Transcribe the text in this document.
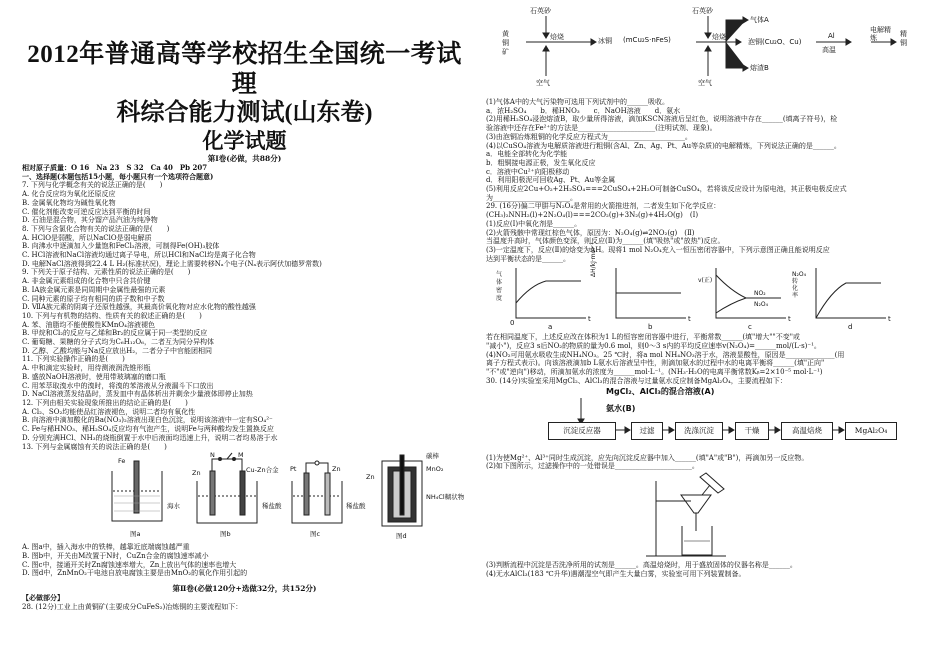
2012年普通高等学校招生全国统一考试理
科综合能力测试(山东卷)
化学试题
第Ⅰ卷(必做，共88分)
相对原子质量：O 16　Na 23　S 32　Ca 40　Pb 207
一、选择题(本题包括15小题，每小题只有一个选项符合题意)
7. 下列与化学概念有关的说法正确的是(　　)
A. 化合反应均为氧化还原反应
B. 金属氧化物均为碱性氧化物
C. 催化剂能改变可逆反应达到平衡的时间
D. 石油是混合物，其分馏产品汽油为纯净物
8. 下列与含氯化合物有关的说法正确的是(　　)
A. HClO是弱酸，所以NaClO是弱电解质
B. 向沸水中逐滴加入少量饱和FeCl₃溶液，可制得Fe(OH)₃胶体
C. HCl溶液和NaCl溶液均通过离子导电，所以HCl和NaCl均是离子化合物
D. 电解NaCl溶液得到22.4 L H₂(标准状况)，理论上需要转移Nₐ个电子(Nₐ表示阿伏加德罗常数)
9. 下列关于原子结构、元素性质的说法正确的是(　　)
A. 非金属元素组成的化合物中只含共价键
B. ⅠA族金属元素是同周期中金属性最强的元素
C. 同种元素的原子均有相同的质子数和中子数
D. ⅦA族元素的阴离子还原性越强，其最高价氧化物对应水化物的酸性越强
10. 下列与有机物的结构、性质有关的叙述正确的是(　　)
A. 苯、油脂均不能使酸性KMnO₄溶液褪色
B. 甲烷和Cl₂的反应与乙烯和Br₂的反应属于同一类型的反应
C. 葡萄糖、果糖的分子式均为C₆H₁₂O₆，二者互为同分异构体
D. 乙醇、乙酸均能与Na反应放出H₂，二者分子中官能团相同
11. 下列实验操作正确的是(　　)
A. 中和滴定实验时，用待测液润洗锥形瓶
B. 盛放NaOH溶液时，使用带玻璃塞的磨口瓶
C. 用苯萃取溴水中的溴时，将溴的苯溶液从分液漏斗下口放出
D. NaCl溶液蒸发结晶时，蒸发皿中有晶体析出并剩余少量液体即停止加热
12. 下列由相关实验现象所推出的结论正确的是(　　)
A. Cl₂、SO₂均能使品红溶液褪色，说明二者均有氧化性
B. 向溶液中滴加酸化的Ba(NO₃)₂溶液出现白色沉淀，说明该溶液中一定有SO₄²⁻
C. Fe与稀HNO₃、稀H₂SO₄反应均有气泡产生，说明Fe与两种酸均发生置换反应
D. 分别充满HCl、NH₃的烧瓶倒置于水中后液面均迅速上升，说明二者均易溶于水
13. 下列与金属腐蚀有关的说法正确的是(　　)
Fe
海水
图a
N	M
Zn	Cu-Zn合金
稀盐酸
图b
Pt	Zn
稀盐酸
图c
碳棒
MnO₂
Zn
NH₄Cl糊状物
图d
A. 图a中，插入海水中的铁棒，越靠近底端腐蚀越严重
B. 图b中，开关由M改置于N时，CuZn合金的腐蚀速率减小
C. 图c中，接通开关时Zn腐蚀速率增大，Zn上放出气体的速率也增大
D. 图d中，ZnMnO₂干电池自放电腐蚀主要是由MnO₂的氧化作用引起的
第Ⅱ卷(必做120分+选做32分，共152分)
【必做部分】
28. (12分)工业上由黄铜矿(主要成分CuFeS₂)冶炼铜的主要流程如下：
石英砂
黄铜矿
焙烧	冰铜 (mCu₂S·nFeS)
石英砂
焙烧
气体A
泡铜(Cu₂O、Cu)
Al
高温
电解精炼	精铜
空气	空气
熔渣B
(1)气体A中的大气污染物可选用下列试剂中的______吸收。
a．浓H₂SO₄　　b．稀HNO₃　　c．NaOH溶液　　d．氨水
(2)用稀H₂SO₄浸泡熔渣B，取少量所得溶液，滴加KSCN溶液后呈红色，说明溶液中存在______(填离子符号)，检
验溶液中还存在Fe²⁺的方法是______________________(注明试剂、现象)。
(3)由泡铜冶炼粗铜的化学反应方程式为______________________。
(4)以CuSO₄溶液为电解质溶液进行粗铜(含Al、Zn、Ag、Pt、Au等杂质)的电解精炼，下列说法正确的是______。
a．电能全部转化为化学能
b．粗铜接电源正极，发生氧化反应
c．溶液中Cu²⁺向阳极移动
d．利用阳极泥可回收Ag、Pt、Au等金属
(5)利用反应2Cu+O₂+2H₂SO₄===2CuSO₄+2H₂O可制备CuSO₄，若将该反应设计为原电池，其正极电极反应式
为______________________。
29. (16分)偏二甲肼与N₂O₄是常用的火箭推进剂，二者发生如下化学反应：
(CH₃)₂NNH₂(l)+2N₂O₄(l)===2CO₂(g)+3N₂(g)+4H₂O(g)　(Ⅰ)
(1)反应(Ⅰ)中氧化剂是______。
(2)火箭残骸中常现红棕色气体，原因为：N₂O₄(g)⇌2NO₂(g)　(Ⅱ)
当温度升高时，气体颜色变深，则反应(Ⅱ)为______(填"吸热"或"放热")反应。
(3)一定温度下，反应(Ⅱ)的焓变为ΔH。现将1 mol N₂O₄充入一恒压密闭容器中，下列示意图正确且能说明反应
达到平衡状态的是______。
气体密度
ΔH/kJ·mol⁻¹
v(正)
NO₂
N₂O₄
N₂O₄转化率
0	t
a
t
b
t
c
t
d
若在相同温度下，上述反应改在体积为1 L的恒容密闭容器中进行，平衡常数______(填"增大""不变"或
"减小")，反应3 s后NO₂的物质的量为0.6 mol，则0～3 s内的平均反应速率v(N₂O₄)=______mol/(L·s)⁻¹。
(4)NO₂可用氨水吸收生成NH₄NO₃。25 ℃时，将a mol NH₄NO₃溶于水，溶液显酸性，原因是______________(用
离子方程式表示)。向该溶液滴加b L氨水后溶液呈中性，则滴加氨水的过程中水的电离平衡将______(填"正向"
"不"或"逆向")移动，所滴加氨水的浓度为______mol·L⁻¹。(NH₃·H₂O的电离平衡常数Kᵦ=2×10⁻⁵ mol·L⁻¹)
30. (14分)实验室采用MgCl₂、AlCl₃的混合溶液与过量氨水反应制备MgAl₂O₄，主要流程如下：
MgCl₂、AlCl₃的混合溶液(A)
氨水(B)
沉淀反应器	过滤	洗涤沉淀	干燥	高温焙烧	MgAl₂O₄
(1)为使Mg²⁺、Al³⁺同时生成沉淀，应先向沉淀反应器中加入______(填"A"或"B")，再滴加另一反应物。
(2)如下图所示，过滤操作中的一处错误是______________________。
(3)判断流程中沉淀是否洗净所用的试剂是______。高温焙烧时，用于盛放固体的仪器名称是______。
(4)无水AlCl₃(183 ℃升华)遇潮湿空气即产生大量白雾，实验室可用下列装置制备。
